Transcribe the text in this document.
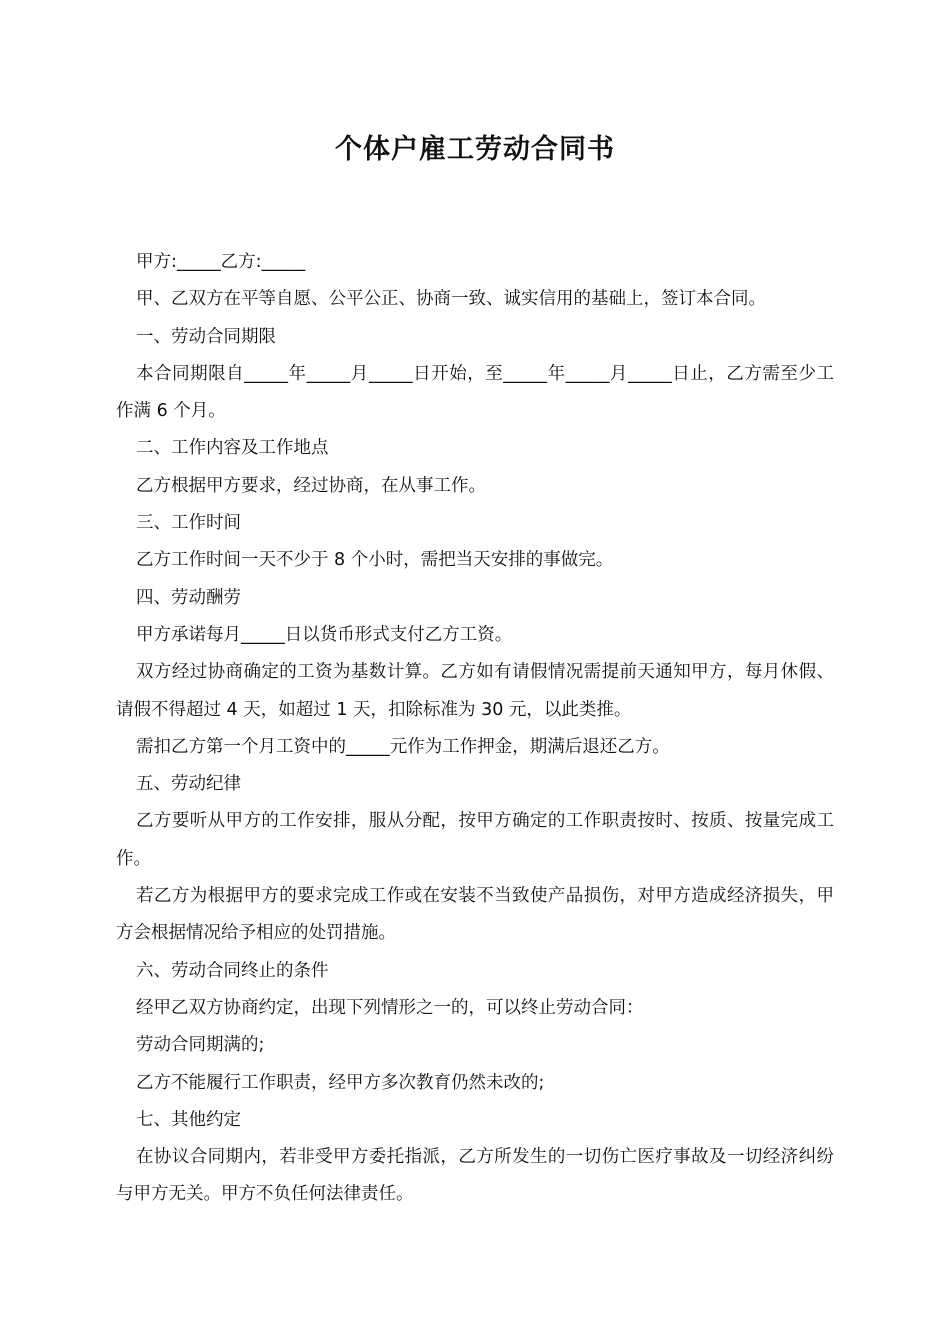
个体户雇工劳动合同书

甲方:_____乙方:_____

甲、乙双方在平等自愿、公平公正、协商一致、诚实信用的基础上，签订本合同。

一、劳动合同期限

本合同期限自_____年_____月_____日开始，至_____年_____月_____日止，乙方需至少工作满 6 个月。

二、工作内容及工作地点

乙方根据甲方要求，经过协商，在从事工作。

三、工作时间

乙方工作时间一天不少于 8 个小时，需把当天安排的事做完。

四、劳动酬劳

甲方承诺每月_____日以货币形式支付乙方工资。

双方经过协商确定的工资为基数计算。乙方如有请假情况需提前天通知甲方，每月休假、请假不得超过 4 天，如超过 1 天，扣除标准为 30 元，以此类推。

需扣乙方第一个月工资中的_____元作为工作押金，期满后退还乙方。

五、劳动纪律

乙方要听从甲方的工作安排，服从分配，按甲方确定的工作职责按时、按质、按量完成工作。

若乙方为根据甲方的要求完成工作或在安装不当致使产品损伤，对甲方造成经济损失，甲方会根据情况给予相应的处罚措施。

六、劳动合同终止的条件

经甲乙双方协商约定，出现下列情形之一的，可以终止劳动合同：

劳动合同期满的;

乙方不能履行工作职责，经甲方多次教育仍然未改的;

七、其他约定

在协议合同期内，若非受甲方委托指派，乙方所发生的一切伤亡医疗事故及一切经济纠纷与甲方无关。甲方不负任何法律责任。
